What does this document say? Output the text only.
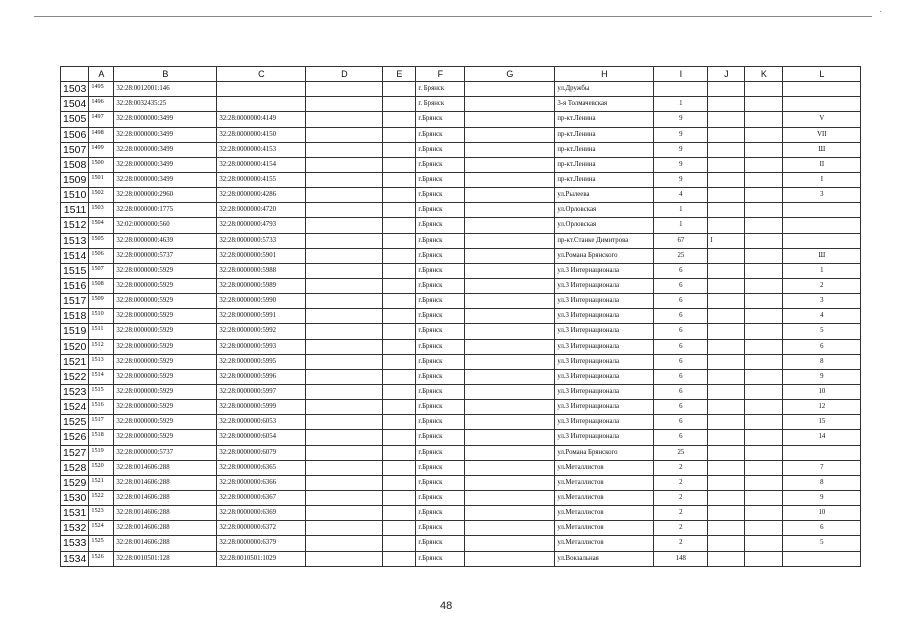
·
	A	B	C	D	E	F	G	H	I	J	K	L
1503	1495	32:28:0012001:146				г. Брянск		ул.Дружбы				
1504	1496	32:28:0032435:25				г. Брянск		3-я Толмачевская	1			
1505	1497	32:28:0000000:3499	32:28:0000000:4149			г.Брянск		пр-кт.Ленина	9			V
1506	1498	32:28:0000000:3499	32:28:0000000:4150			г.Брянск		пр-кт.Ленина	9			VII
1507	1499	32:28:0000000:3499	32:28:0000000:4153			г.Брянск		пр-кт.Ленина	9			Ш
1508	1500	32:28:0000000:3499	32:28:0000000:4154			г.Брянск		пр-кт.Ленина	9			II
1509	1501	32:28:0000000:3499	32:28:0000000:4155			г.Брянск		пр-кт.Ленина	9			I
1510	1502	32:28:0000000:2960	32:28:0000000:4286			г.Брянск		ул.Рылеева	4			3
1511	1503	32:28:0000000:1775	32:28:0000000:4720			г.Брянск		ул.Орловская	1			
1512	1504	32:02:0000000:560	32:28:0000000:4793			г.Брянск		ул.Орловская	1			
1513	1505	32:28:0000000:4639	32:28:0000000:5733			г.Брянск		пр-кт.Станке Димитрова	67	I		
1514	1506	32:28:0000000:5737	32:28:0000000:5901			г.Брянск		ул.Романа Брянского	25			Ш
1515	1507	32:28:0000000:5929	32:28:0000000:5988			г.Брянск		ул.3 Интернационала	6			1
1516	1508	32:28:0000000:5929	32:28:0000000:5989			г.Брянск		ул.3 Интернационала	6			2
1517	1509	32:28:0000000:5929	32:28:0000000:5990			г.Брянск		ул.3 Интернационала	6			3
1518	1510	32:28:0000000:5929	32:28:0000000:5991			г.Брянск		ул.3 Интернационала	6			4
1519	1511	32:28:0000000:5929	32:28:0000000:5992			г.Брянск		ул.3 Интернационала	6			5
1520	1512	32:28:0000000:5929	32:28:0000000:5993			г.Брянск		ул.3 Интернационала	6			6
1521	1513	32:28:0000000:5929	32:28:0000000:5995			г.Брянск		ул.3 Интернационала	6			8
1522	1514	32:28:0000000:5929	32:28:0000000:5996			г.Брянск		ул.3 Интернационала	6			9
1523	1515	32:28:0000000:5929	32:28:0000000:5997			г.Брянск		ул.3 Интернационала	6			10
1524	1516	32:28:0000000:5929	32:28:0000000:5999			г.Брянск		ул.3 Интернационала	6			12
1525	1517	32:28:0000000:5929	32:28:0000000:6053			г.Брянск		ул.3 Интернационала	6			15
1526	1518	32:28:0000000:5929	32:28:0000000:6054			г.Брянск		ул.3 Интернационала	6			14
1527	1519	32:28:0000000:5737	32:28:0000000:6079			г.Брянск		ул.Романа Брянского	25			
1528	1520	32:28:0014606:288	32:28:0000000:6365			г.Брянск		ул.Металлистов	2			7
1529	1521	32:28:0014606:288	32:28:0000000:6366			г.Брянск		ул.Металлистов	2			8
1530	1522	32:28:0014606:288	32:28:0000000:6367			г.Брянск		ул.Металлистов	2			9
1531	1523	32:28:0014606:288	32:28:0000000:6369			г.Брянск		ул.Металлистов	2			10
1532	1524	32:28:0014606:288	32:28:0000000:6372			г.Брянск		ул.Металлистов	2			6
1533	1525	32:28:0014606:288	32:28:0000000:6379			г.Брянск		ул.Металлистов	2			5
1534	1526	32:28:0010501:128	32:28:0010501:1029			г.Брянск		ул.Вокзальная	148			
48
